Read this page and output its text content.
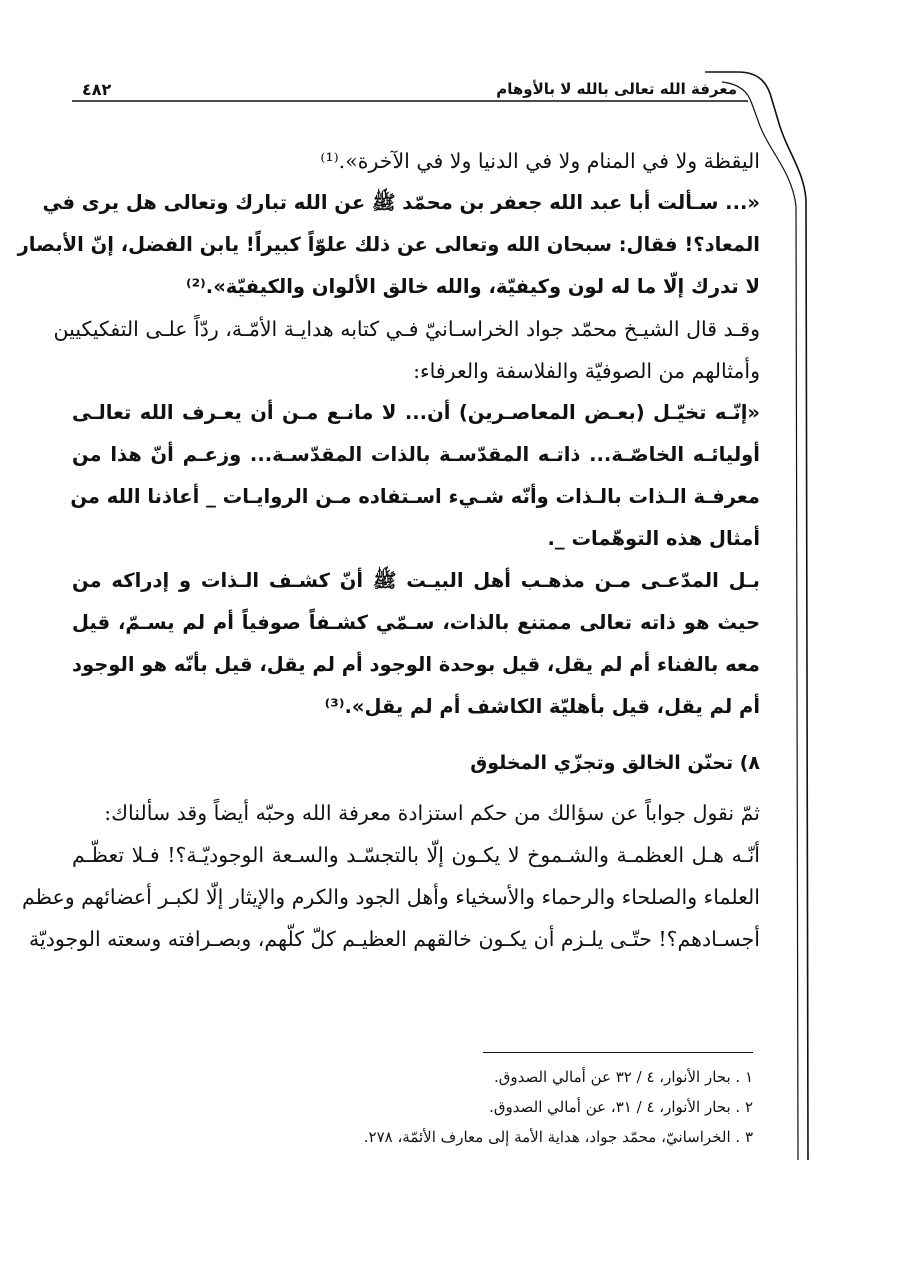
معرفة الله تعالى بالله لا بالأوهام
٤٨٢
اليقظة ولا في المنام ولا في الدنيا ولا في الآخرة».⁽¹⁾
«... سـألت أبا عبد الله جعفر بن محمّد ﷺ عن الله تبارك وتعالى هل يرى في
المعاد؟! فقال: سبحان الله وتعالى عن ذلك علوّاً كبيراً! يابن الفضل، إنّ الأبصار
لا تدرك إلّا ما له لون وكيفيّة، والله خالق الألوان والكيفيّة».⁽²⁾
وقـد قال الشيـخ محمّد جواد الخراسـانيّ فـي كتابه هدايـة الأمّـة، ردّاً علـى التفكيكيين
وأمثالهم من الصوفيّة والفلاسفة والعرفاء:
«إنّـه تخيّـل (بعـض المعاصـرين) أن... لا مانـع مـن أن يعـرف الله تعالـى
أوليائـه الخاصّـة... ذاتـه المقدّسـة بالذات المقدّسـة... وزعـم أنّ هذا من
معرفـة الـذات بالـذات وأنّه شـيء اسـتفاده مـن الروايـات _ أعاذنا الله من
أمثال هذه التوهّمات _.
بـل المدّعـى مـن مذهـب أهل البيـت ﷺ أنّ كشـف الـذات و إدراكه من
حيث هو ذاته تعالى ممتنع بالذات، سـمّي كشـفاً صوفياً أم لم يسـمّ، قيل
معه بالفناء أم لم يقل، قيل بوحدة الوجود أم لم يقل، قيل بأنّه هو الوجود
أم لم يقل، قيل بأهليّة الكاشف أم لم يقل».⁽³⁾
٨) تحنّن الخالق وتجزّي المخلوق
ثمّ نقول جواباً عن سؤالك من حكم استزادة معرفة الله وحبّه أيضاً وقد سألناك:
أنّـه هـل العظمـة والشـموخ لا يكـون إلّا بالتجسّـد والسـعة الوجوديّـة؟! فـلا تعظّـم
العلماء والصلحاء والرحماء والأسخياء وأهل الجود والكرم والإيثار إلّا لكبـر أعضائهم وعظم
أجسـادهم؟! حتّـى يلـزم أن يكـون خالقهم العظيـم كلّ كلّهم، وبصـرافته وسعته الوجوديّة
١ . بحار الأنوار، ٤ / ٣٢ عن أمالي الصدوق.
٢ . بحار الأنوار، ٤ / ٣١، عن أمالي الصدوق.
٣ . الخراسانيّ، محمّد جواد، هداية الأمة إلى معارف الأئمّة، ٢٧٨.
